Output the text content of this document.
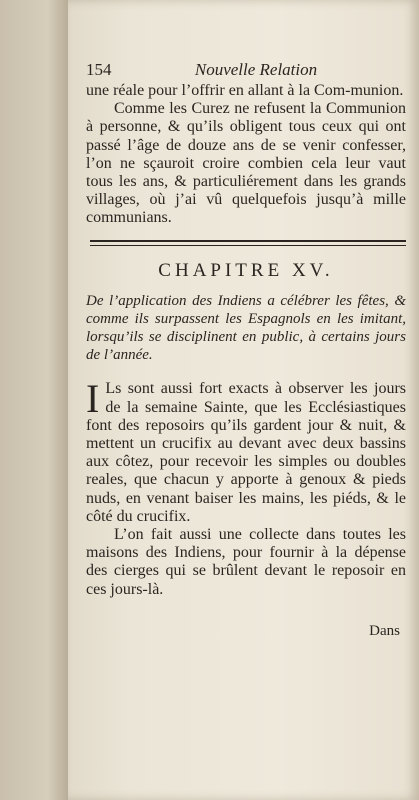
154	Nouvelle Relation

une réale pour l’offrir en allant à la Com-munion.

Comme les Curez ne refusent la Communion à personne, & qu’ils obligent tous ceux qui ont passé l’âge de douze ans de se venir confesser, l’on ne sçauroit croire combien cela leur vaut tous les ans, & particuliérement dans les grands villages, où j’ai vû quelquefois jusqu’à mille communians.

CHAPITRE XV.
De l’application des Indiens a célébrer les fêtes, & comme ils surpassent les Espagnols en les imitant, lorsqu’ils se disciplinent en public, à certains jours de l’année.
I Ls sont aussi fort exacts à observer les jours de la semaine Sainte, que les Ecclésiastiques font des reposoirs qu’ils gardent jour & nuit, & mettent un crucifix au devant avec deux bassins aux côtez, pour recevoir les simples ou doubles reales, que chacun y apporte à genoux & pieds nuds, en venant baiser les mains, les piéds, & le côté du crucifix.

L’on fait aussi une collecte dans toutes les maisons des Indiens, pour fournir à la dépense des cierges qui se brûlent devant le reposoir en ces jours-là.

Dans
